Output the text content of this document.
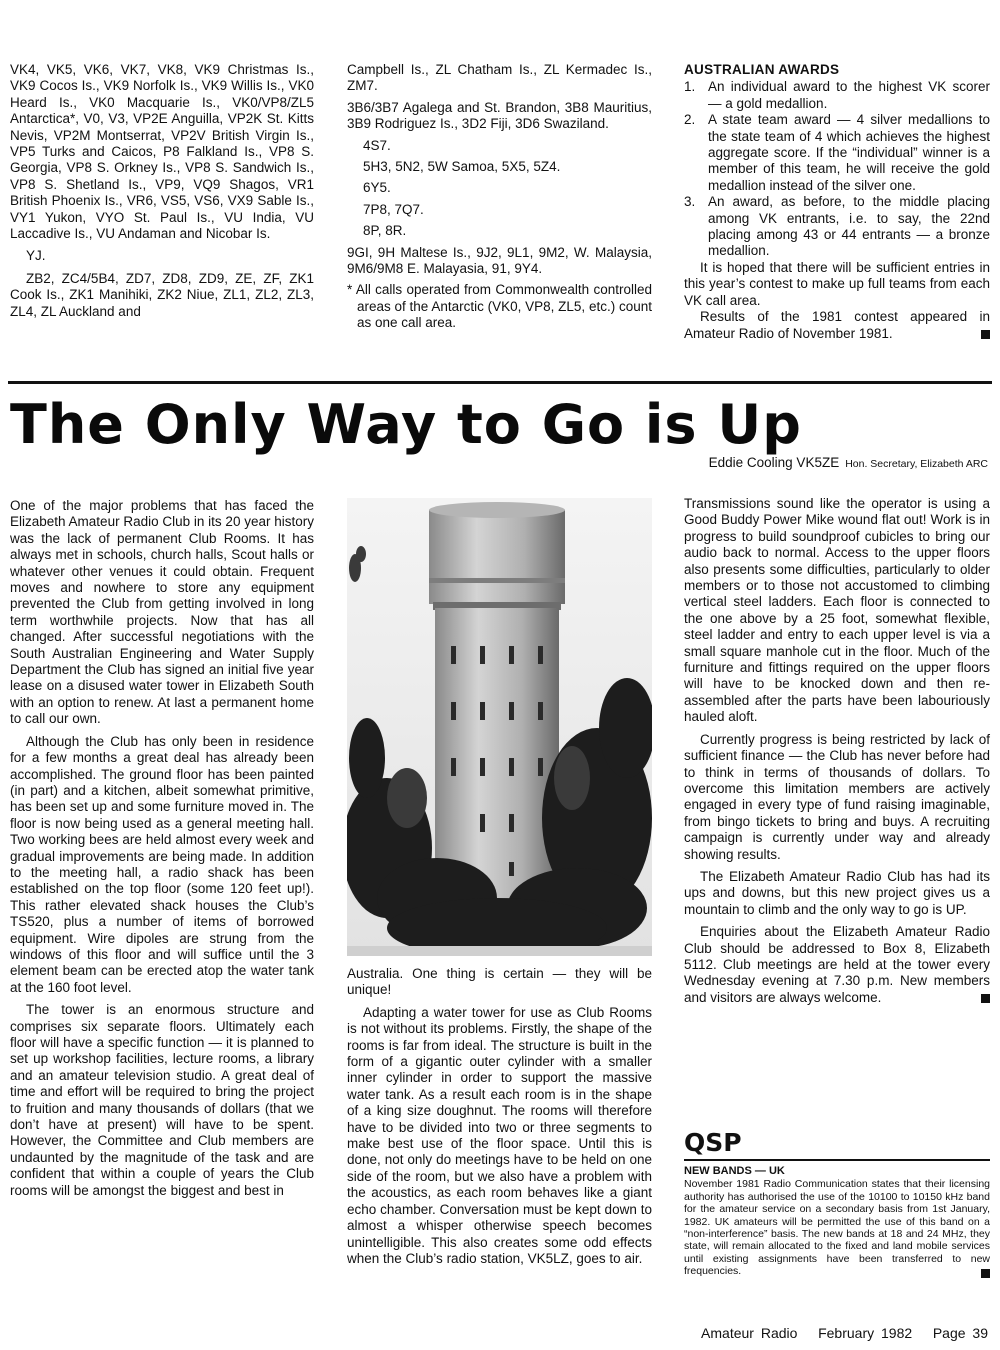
VK4, VK5, VK6, VK7, VK8, VK9 Christmas Is., VK9 Cocos Is., VK9 Norfolk Is., VK9 Willis Is., VK0 Heard Is., VK0 Macquarie Is., VK0/VP8/ZL5 Antarctica*, V0, V3, VP2E Anguilla, VP2K St. Kitts Nevis, VP2M Montserrat, VP2V British Virgin Is., VP5 Turks and Caicos, P8 Falkland Is., VP8 S. Georgia, VP8 S. Orkney Is., VP8 S. Sandwich Is., VP8 S. Shetland Is., VP9, VQ9 Shagos, VR1 British Phoenix Is., VR6, VS5, VS6, VX9 Sable Is., VY1 Yukon, VYO St. Paul Is., VU India, VU Laccadive Is., VU Andaman and Nicobar Is.

YJ.

ZB2, ZC4/5B4, ZD7, ZD8, ZD9, ZE, ZF, ZK1 Cook Is., ZK1 Manihiki, ZK2 Niue, ZL1, ZL2, ZL3, ZL4, ZL Auckland and

Campbell Is., ZL Chatham Is., ZL Kermadec Is., ZM7.

3B6/3B7 Agalega and St. Brandon, 3B8 Mauritius, 3B9 Rodriguez Is., 3D2 Fiji, 3D6 Swaziland.

4S7.

5H3, 5N2, 5W Samoa, 5X5, 5Z4.

6Y5.

7P8, 7Q7.

8P, 8R.

9GI, 9H Maltese Is., 9J2, 9L1, 9M2, W. Malaysia, 9M6/9M8 E. Malayasia, 91, 9Y4.

* All calls operated from Commonwealth controlled areas of the Antarctic (VK0, VP8, ZL5, etc.) count as one call area.

AUSTRALIAN AWARDS
1. An individual award to the highest VK scorer — a gold medallion.
2. A state team award — 4 silver medallions to the state team of 4 which achieves the highest aggregate score. If the “individual” winner is a member of this team, he will receive the gold medallion instead of the silver one.
3. An award, as before, to the middle placing among VK entrants, i.e. to say, the 22nd placing among 43 or 44 entrants — a bronze medallion.

It is hoped that there will be sufficient entries in this year’s contest to make up full teams from each VK call area.

Results of the 1981 contest appeared in Amateur Radio of November 1981.

The Only Way to Go is Up
Eddie Cooling VK5ZE Hon. Secretary, Elizabeth ARC

One of the major problems that has faced the Elizabeth Amateur Radio Club in its 20 year history was the lack of permanent Club Rooms. It has always met in schools, church halls, Scout halls or whatever other venues it could obtain. Frequent moves and nowhere to store any equipment prevented the Club from getting involved in long term worthwhile projects. Now that has all changed. After successful negotiations with the South Australian Engineering and Water Supply Department the Club has signed an initial five year lease on a disused water tower in Elizabeth South with an option to renew. At last a permanent home to call our own.

Although the Club has only been in residence for a few months a great deal has already been accomplished. The ground floor has been painted (in part) and a kitchen, albeit somewhat primitive, has been set up and some furniture moved in. The floor is now being used as a general meeting hall. Two working bees are held almost every week and gradual improvements are being made. In addition to the meeting hall, a radio shack has been established on the top floor (some 120 feet up!). This rather elevated shack houses the Club’s TS520, plus a number of items of borrowed equipment. Wire dipoles are strung from the windows of this floor and will suffice until the 3 element beam can be erected atop the water tank at the 160 foot level.

The tower is an enormous structure and comprises six separate floors. Ultimately each floor will have a specific function — it is planned to set up workshop facilities, lecture rooms, a library and an amateur television studio. A great deal of time and effort will be required to bring the project to fruition and many thousands of dollars (that we don’t have at present) will have to be spent. However, the Committee and Club members are undaunted by the magnitude of the task and are confident that within a couple of years the Club rooms will be amongst the biggest and best in

Australia. One thing is certain — they will be unique!

Adapting a water tower for use as Club Rooms is not without its problems. Firstly, the shape of the rooms is far from ideal. The structure is built in the form of a gigantic outer cylinder with a smaller inner cylinder in order to support the massive water tank. As a result each room is in the shape of a king size doughnut. The rooms will therefore have to be divided into two or three segments to make best use of the floor space. Until this is done, not only do meetings have to be held on one side of the room, but we also have a problem with the acoustics, as each room behaves like a giant echo chamber. Conversation must be kept down to almost a whisper otherwise speech becomes unintelligible. This also creates some odd effects when the Club’s radio station, VK5LZ, goes to air.

Transmissions sound like the operator is using a Good Buddy Power Mike wound flat out! Work is in progress to build soundproof cubicles to bring our audio back to normal. Access to the upper floors also presents some difficulties, particularly to older members or to those not accustomed to climbing vertical steel ladders. Each floor is connected to the one above by a 25 foot, somewhat flexible, steel ladder and entry to each upper level is via a small square manhole cut in the floor. Much of the furniture and fittings required on the upper floors will have to be knocked down and then re-assembled after the parts have been labouriously hauled aloft.

Currently progress is being restricted by lack of sufficient finance — the Club has never before had to think in terms of thousands of dollars. To overcome this limitation members are actively engaged in every type of fund raising imaginable, from bingo tickets to bring and buys. A recruiting campaign is currently under way and already showing results.

The Elizabeth Amateur Radio Club has had its ups and downs, but this new project gives us a mountain to climb and the only way to go is UP.

Enquiries about the Elizabeth Amateur Radio Club should be addressed to Box 8, Elizabeth 5112. Club meetings are held at the tower every Wednesday evening at 7.30 p.m. New members and visitors are always welcome.

QSP
NEW BANDS — UK

November 1981 Radio Communication states that their licensing authority has authorised the use of the 10100 to 10150 kHz band for the amateur service on a secondary basis from 1st January, 1982. UK amateurs will be permitted the use of this band on a “non-interference” basis. The new bands at 18 and 24 MHz, they state, will remain allocated to the fixed and land mobile services until existing assignments have been transferred to new frequencies.

Amateur Radio February 1982 Page 39
